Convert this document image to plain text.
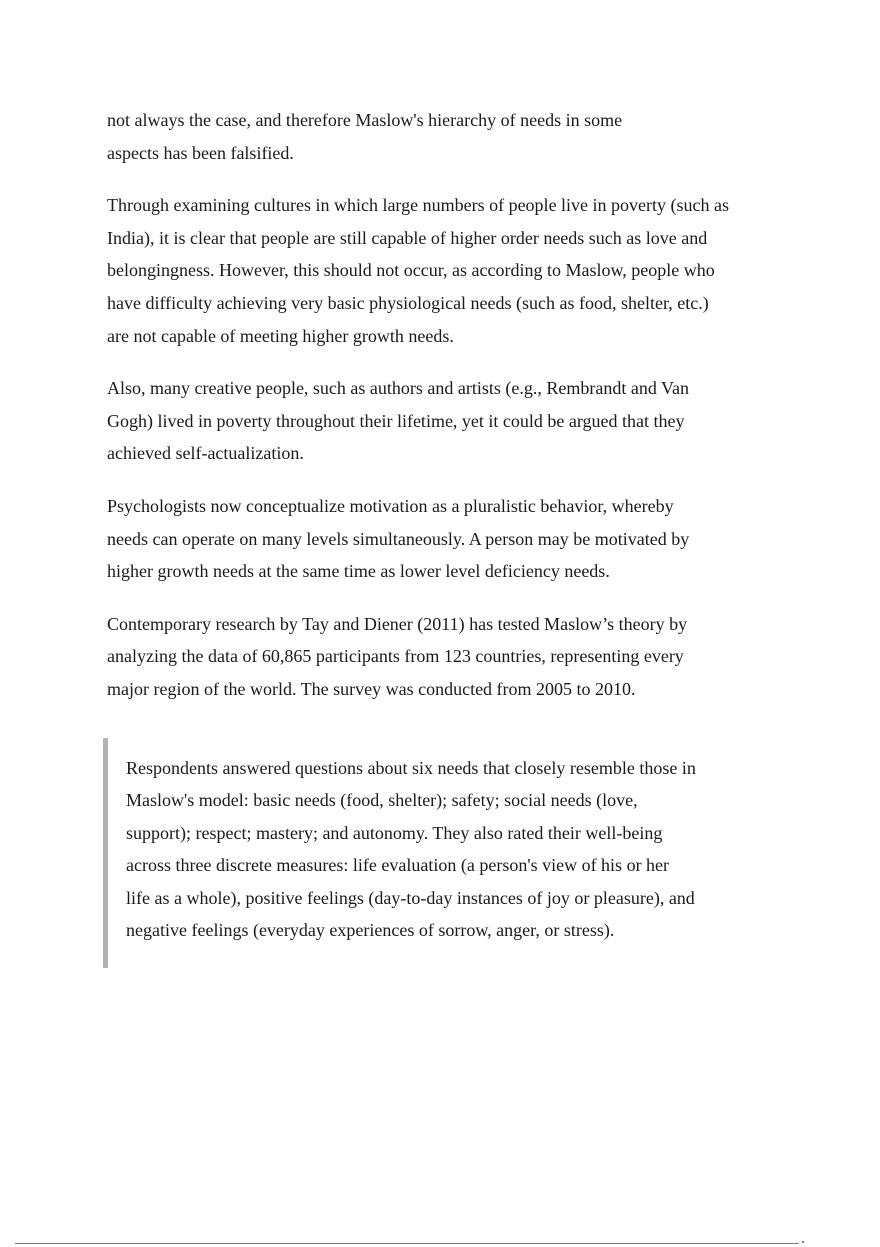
not always the case, and therefore Maslow's hierarchy of needs in some aspects has been falsified.

Through examining cultures in which large numbers of people live in poverty (such as India), it is clear that people are still capable of higher order needs such as love and belongingness. However, this should not occur, as according to Maslow, people who have difficulty achieving very basic physiological needs (such as food, shelter, etc.) are not capable of meeting higher growth needs.

Also, many creative people, such as authors and artists (e.g., Rembrandt and Van Gogh) lived in poverty throughout their lifetime, yet it could be argued that they achieved self-actualization.

Psychologists now conceptualize motivation as a pluralistic behavior, whereby needs can operate on many levels simultaneously. A person may be motivated by higher growth needs at the same time as lower level deficiency needs.

Contemporary research by Tay and Diener (2011) has tested Maslow’s theory by analyzing the data of 60,865 participants from 123 countries, representing every major region of the world. The survey was conducted from 2005 to 2010.

Respondents answered questions about six needs that closely resemble those in Maslow's model: basic needs (food, shelter); safety; social needs (love, support); respect; mastery; and autonomy. They also rated their well-being across three discrete measures: life evaluation (a person's view of his or her life as a whole), positive feelings (day-to-day instances of joy or pleasure), and negative feelings (everyday experiences of sorrow, anger, or stress).
